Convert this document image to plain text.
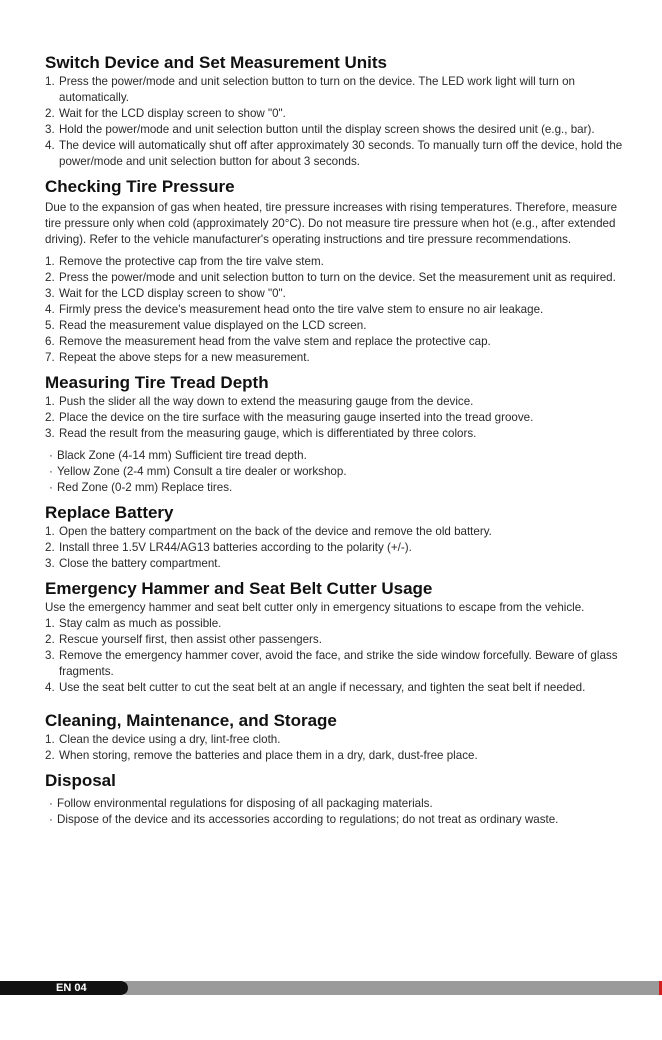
Switch Device and Set Measurement Units
1. Press the power/mode and unit selection button to turn on the device. The LED work light will turn on automatically.
2. Wait for the LCD display screen to show "0".
3. Hold the power/mode and unit selection button until the display screen shows the desired unit (e.g., bar).
4. The device will automatically shut off after approximately 30 seconds. To manually turn off the device, hold the power/mode and unit selection button for about 3 seconds.
Checking Tire Pressure

Due to the expansion of gas when heated, tire pressure increases with rising temperatures. Therefore, measure tire pressure only when cold (approximately 20°C). Do not measure tire pressure when hot (e.g., after extended driving). Refer to the vehicle manufacturer's operating instructions and tire pressure recommendations.

1. Remove the protective cap from the tire valve stem.
2. Press the power/mode and unit selection button to turn on the device. Set the measurement unit as required.
3. Wait for the LCD display screen to show "0".
4. Firmly press the device's measurement head onto the tire valve stem to ensure no air leakage.
5. Read the measurement value displayed on the LCD screen.
6. Remove the measurement head from the valve stem and replace the protective cap.
7. Repeat the above steps for a new measurement.
Measuring Tire Tread Depth
1. Push the slider all the way down to extend the measuring gauge from the device.
2. Place the device on the tire surface with the measuring gauge inserted into the tread groove.
3. Read the result from the measuring gauge, which is differentiated by three colors.
· Black Zone (4-14 mm) Sufficient tire tread depth.
· Yellow Zone (2-4 mm) Consult a tire dealer or workshop.
· Red Zone (0-2 mm) Replace tires.
Replace Battery
1. Open the battery compartment on the back of the device and remove the old battery.
2. Install three 1.5V LR44/AG13 batteries according to the polarity (+/-).
3. Close the battery compartment.
Emergency Hammer and Seat Belt Cutter Usage

Use the emergency hammer and seat belt cutter only in emergency situations to escape from the vehicle.

1. Stay calm as much as possible.
2. Rescue yourself first, then assist other passengers.
3. Remove the emergency hammer cover, avoid the face, and strike the side window forcefully. Beware of glass fragments.
4. Use the seat belt cutter to cut the seat belt at an angle if necessary, and tighten the seat belt if needed.
Cleaning, Maintenance, and Storage
1. Clean the device using a dry, lint-free cloth.
2. When storing, remove the batteries and place them in a dry, dark, dust-free place.
Disposal
· Follow environmental regulations for disposing of all packaging materials.
· Dispose of the device and its accessories according to regulations; do not treat as ordinary waste.
EN 04
